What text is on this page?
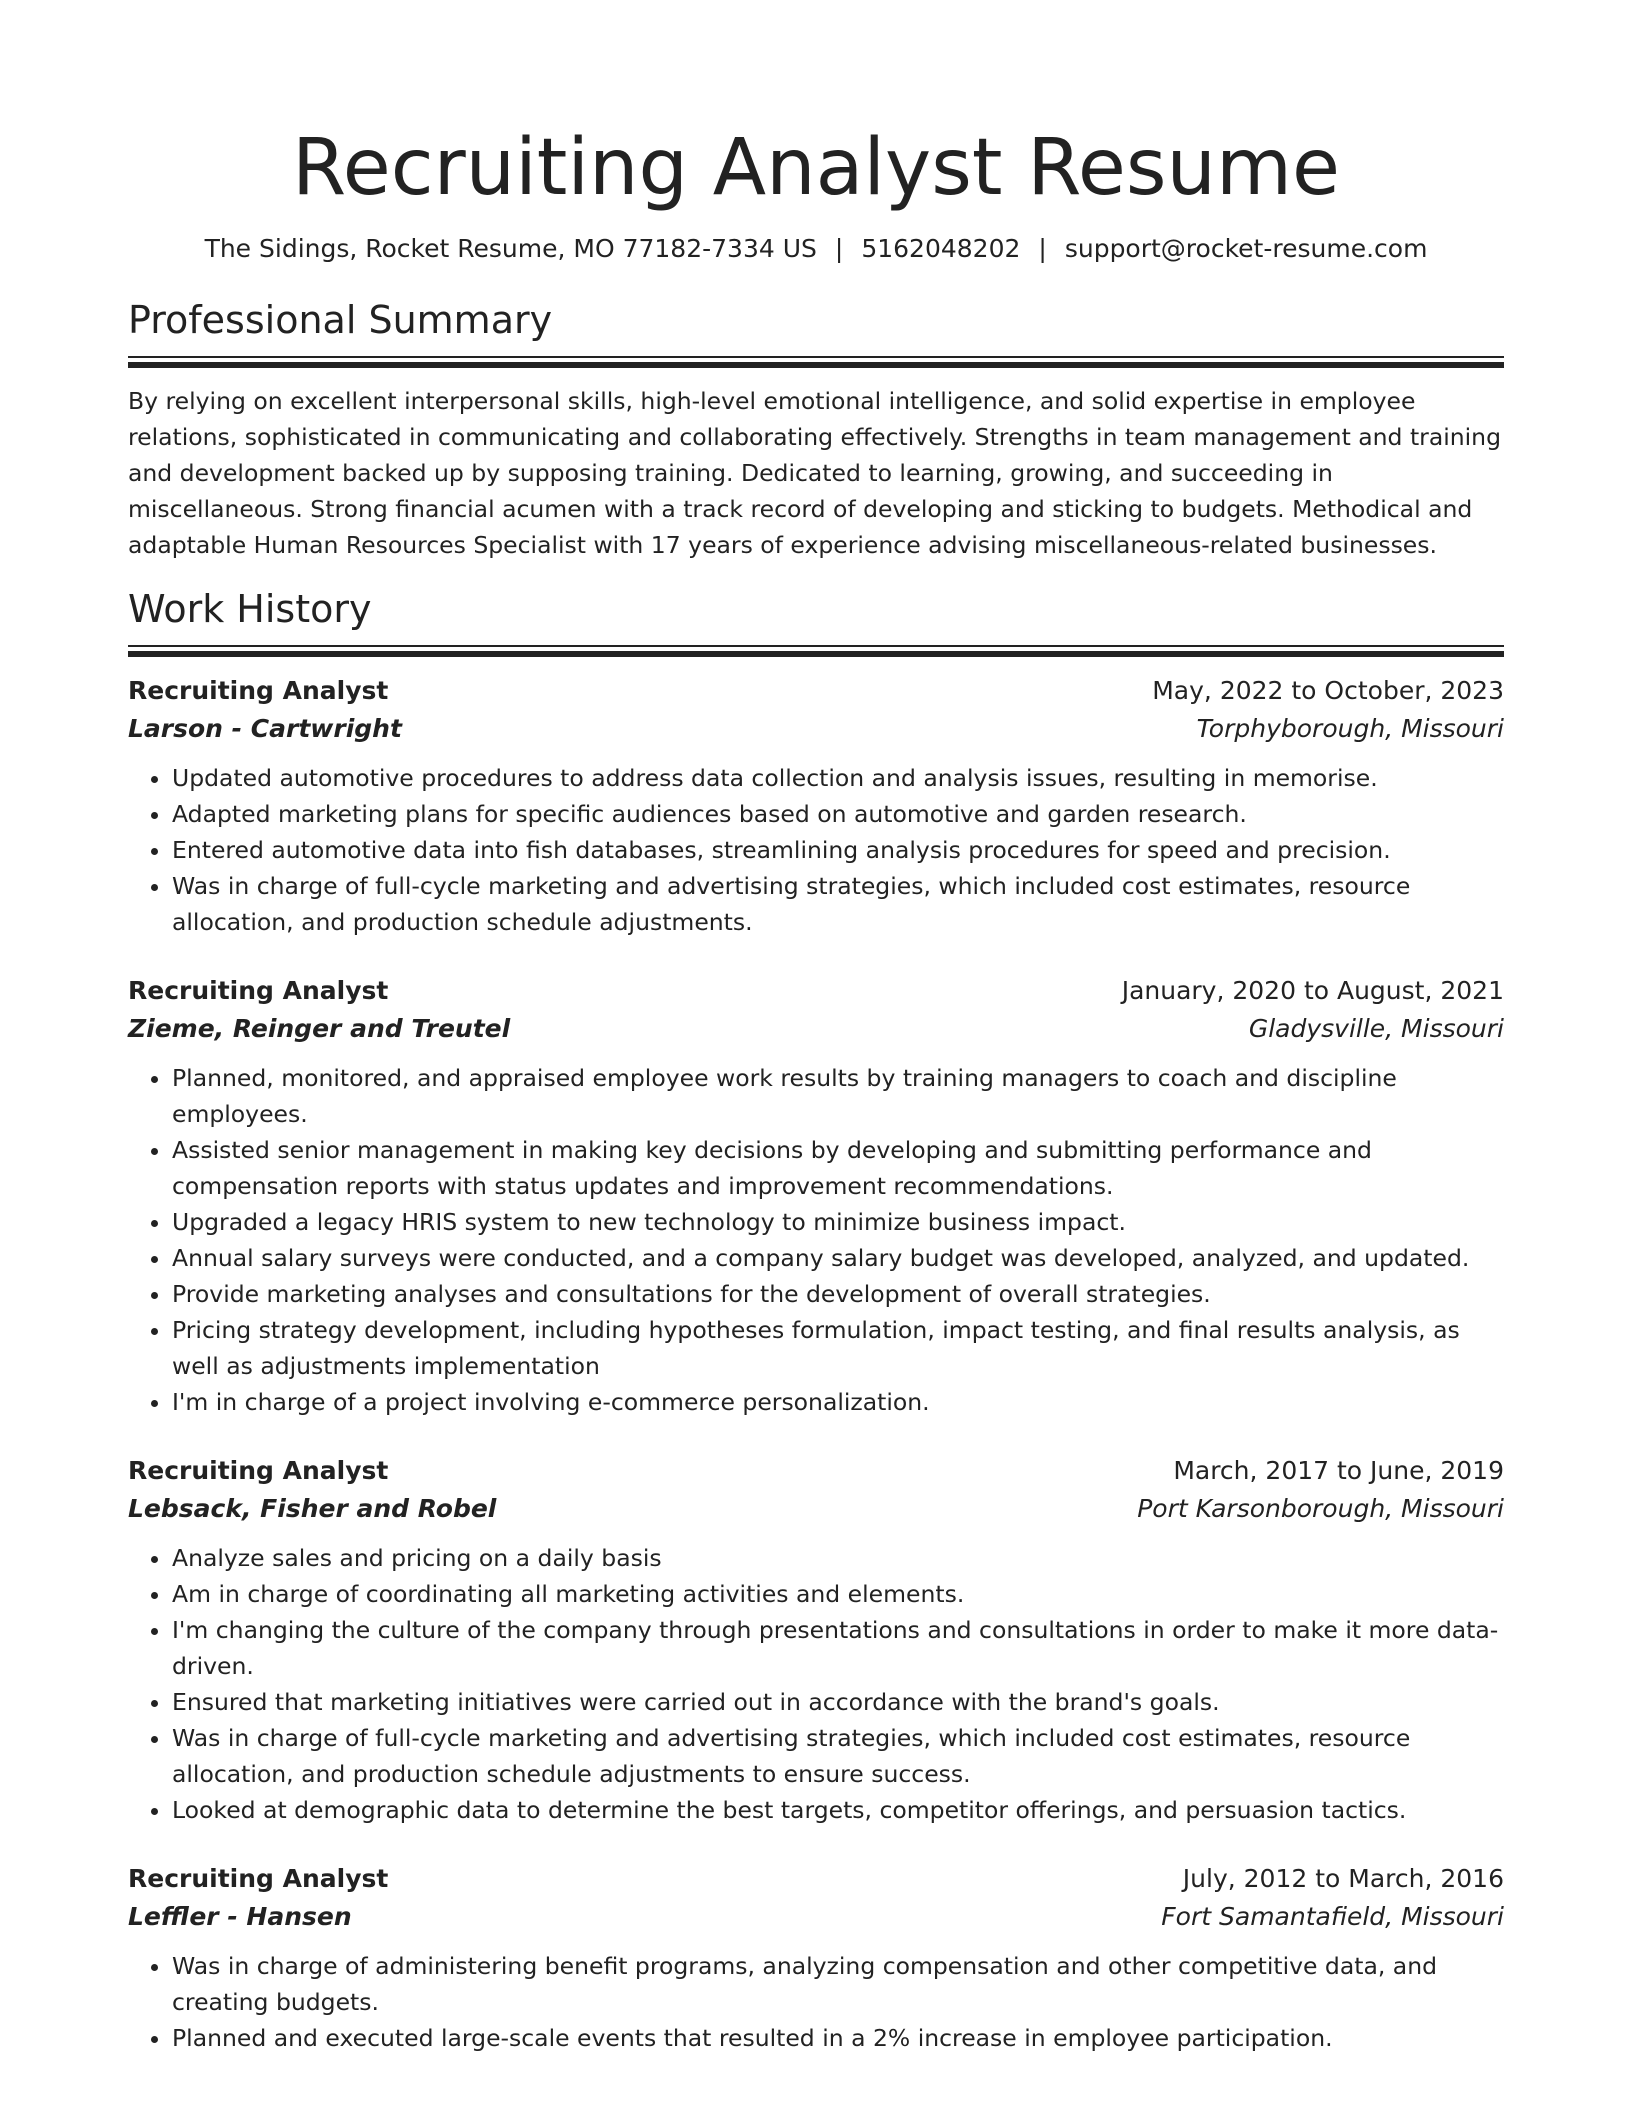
Recruiting Analyst Resume
The Sidings, Rocket Resume, MO 77182-7334 US | 5162048202 | support@rocket-resume.com
Professional Summary

By relying on excellent interpersonal skills, high-level emotional intelligence, and solid expertise in employee relations, sophisticated in communicating and collaborating effectively. Strengths in team management and training and development backed up by supposing training. Dedicated to learning, growing, and succeeding in miscellaneous. Strong financial acumen with a track record of developing and sticking to budgets. Methodical and adaptable Human Resources Specialist with 17 years of experience advising miscellaneous-related businesses.

Work History
Recruiting Analyst	May, 2022 to October, 2023
Larson - Cartwright	Torphyborough, Missouri
• Updated automotive procedures to address data collection and analysis issues, resulting in memorise.
• Adapted marketing plans for specific audiences based on automotive and garden research.
• Entered automotive data into fish databases, streamlining analysis procedures for speed and precision.
• Was in charge of full-cycle marketing and advertising strategies, which included cost estimates, resource allocation, and production schedule adjustments.
Recruiting Analyst	January, 2020 to August, 2021
Zieme, Reinger and Treutel	Gladysville, Missouri
• Planned, monitored, and appraised employee work results by training managers to coach and discipline employees.
• Assisted senior management in making key decisions by developing and submitting performance and compensation reports with status updates and improvement recommendations.
• Upgraded a legacy HRIS system to new technology to minimize business impact.
• Annual salary surveys were conducted, and a company salary budget was developed, analyzed, and updated.
• Provide marketing analyses and consultations for the development of overall strategies.
• Pricing strategy development, including hypotheses formulation, impact testing, and final results analysis, as well as adjustments implementation
• I'm in charge of a project involving e-commerce personalization.
Recruiting Analyst	March, 2017 to June, 2019
Lebsack, Fisher and Robel	Port Karsonborough, Missouri
• Analyze sales and pricing on a daily basis
• Am in charge of coordinating all marketing activities and elements.
• I'm changing the culture of the company through presentations and consultations in order to make it more data-driven.
• Ensured that marketing initiatives were carried out in accordance with the brand's goals.
• Was in charge of full-cycle marketing and advertising strategies, which included cost estimates, resource allocation, and production schedule adjustments to ensure success.
• Looked at demographic data to determine the best targets, competitor offerings, and persuasion tactics.
Recruiting Analyst	July, 2012 to March, 2016
Leffler - Hansen	Fort Samantafield, Missouri
• Was in charge of administering benefit programs, analyzing compensation and other competitive data, and creating budgets.
• Planned and executed large-scale events that resulted in a 2% increase in employee participation.
